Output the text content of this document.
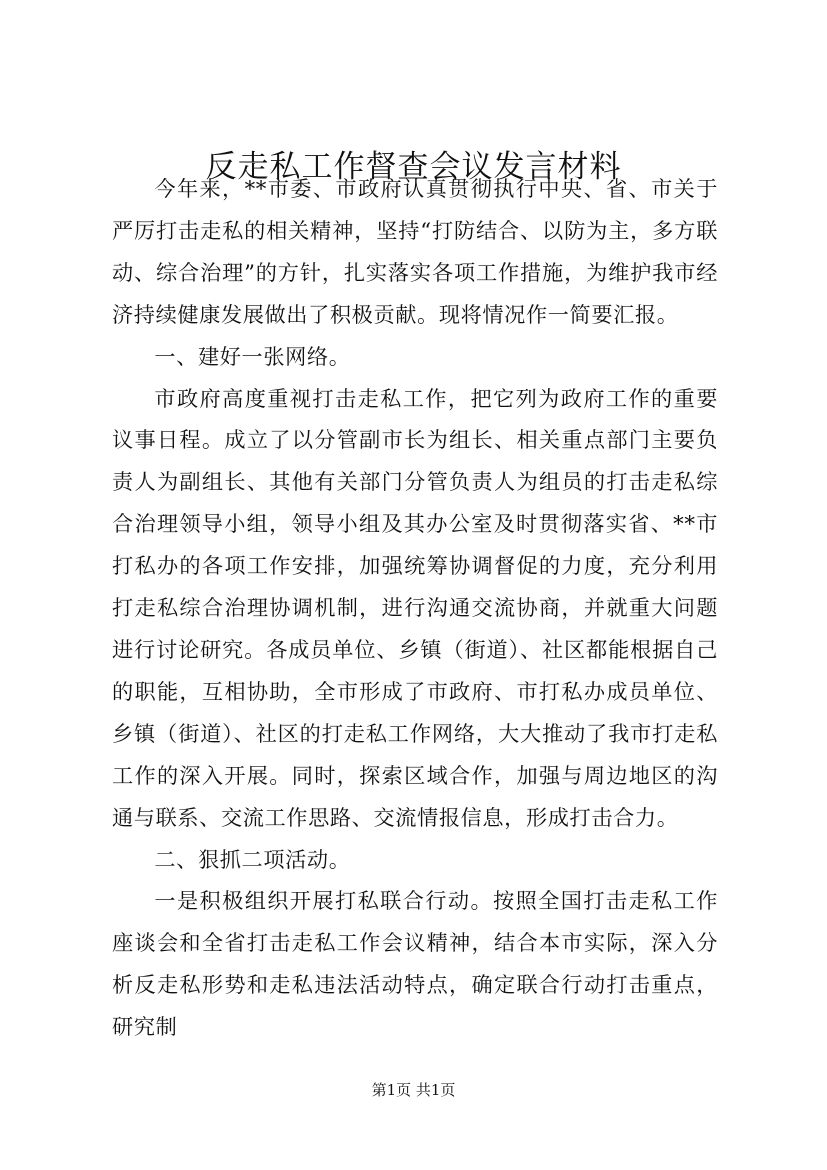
反走私工作督查会议发言材料

今年来，**市委、市政府认真贯彻执行中央、省、市关于严厉打击走私的相关精神，坚持“打防结合、以防为主，多方联动、综合治理”的方针，扎实落实各项工作措施，为维护我市经济持续健康发展做出了积极贡献。现将情况作一简要汇报。

一、建好一张网络。

市政府高度重视打击走私工作，把它列为政府工作的重要议事日程。成立了以分管副市长为组长、相关重点部门主要负责人为副组长、其他有关部门分管负责人为组员的打击走私综合治理领导小组，领导小组及其办公室及时贯彻落实省、**市打私办的各项工作安排，加强统筹协调督促的力度，充分利用打走私综合治理协调机制，进行沟通交流协商，并就重大问题进行讨论研究。各成员单位、乡镇（街道）、社区都能根据自己的职能，互相协助，全市形成了市政府、市打私办成员单位、乡镇（街道）、社区的打走私工作网络，大大推动了我市打走私工作的深入开展。同时，探索区域合作，加强与周边地区的沟通与联系、交流工作思路、交流情报信息，形成打击合力。

二、狠抓二项活动。

一是积极组织开展打私联合行动。按照全国打击走私工作座谈会和全省打击走私工作会议精神，结合本市实际，深入分析反走私形势和走私违法活动特点，确定联合行动打击重点，研究制

第1页 共1页
